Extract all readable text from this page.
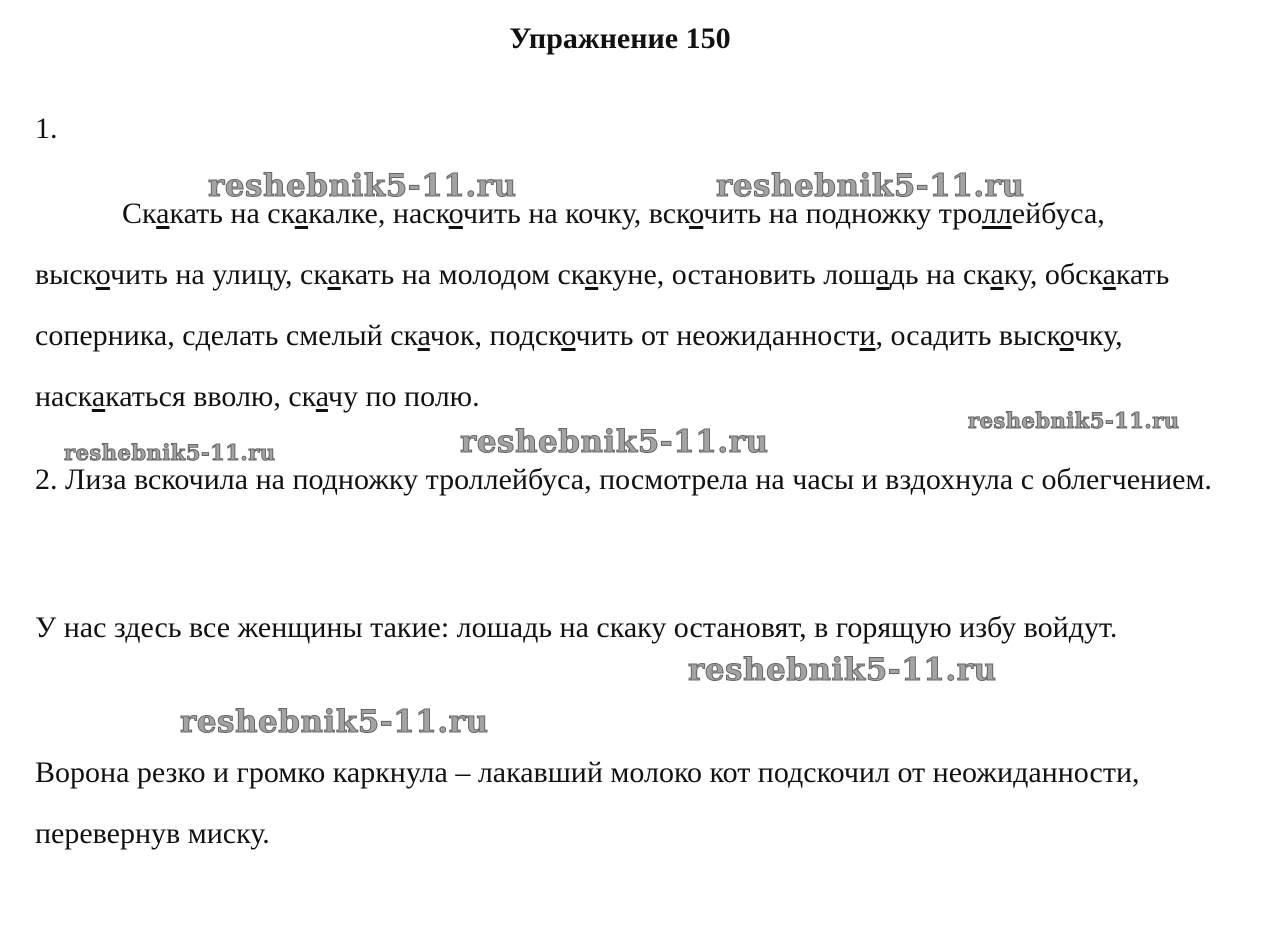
Упражнение 150
1.

Скакать на скакалке, наскочить на кочку, вскочить на подножку троллейбуса, выскочить на улицу, скакать на молодом скакуне, остановить лошадь на скаку, обскакать соперника, сделать смелый скачок, подскочить от неожиданности, осадить выскочку, наскакаться вволю, скачу по полю.

2. Лиза вскочила на подножку троллейбуса, посмотрела на часы и вздохнула с облегчением.

У нас здесь все женщины такие: лошадь на скаку остановят, в горящую избу войдут.

Ворона резко и громко каркнула – лакавший молоко кот подскочил от неожиданности, перевернув миску.

reshebnik5-11.ru	reshebnik5-11.ru
reshebnik5-11.ru
reshebnik5-11.ru	reshebnik5-11.ru
reshebnik5-11.ru
reshebnik5-11.ru
